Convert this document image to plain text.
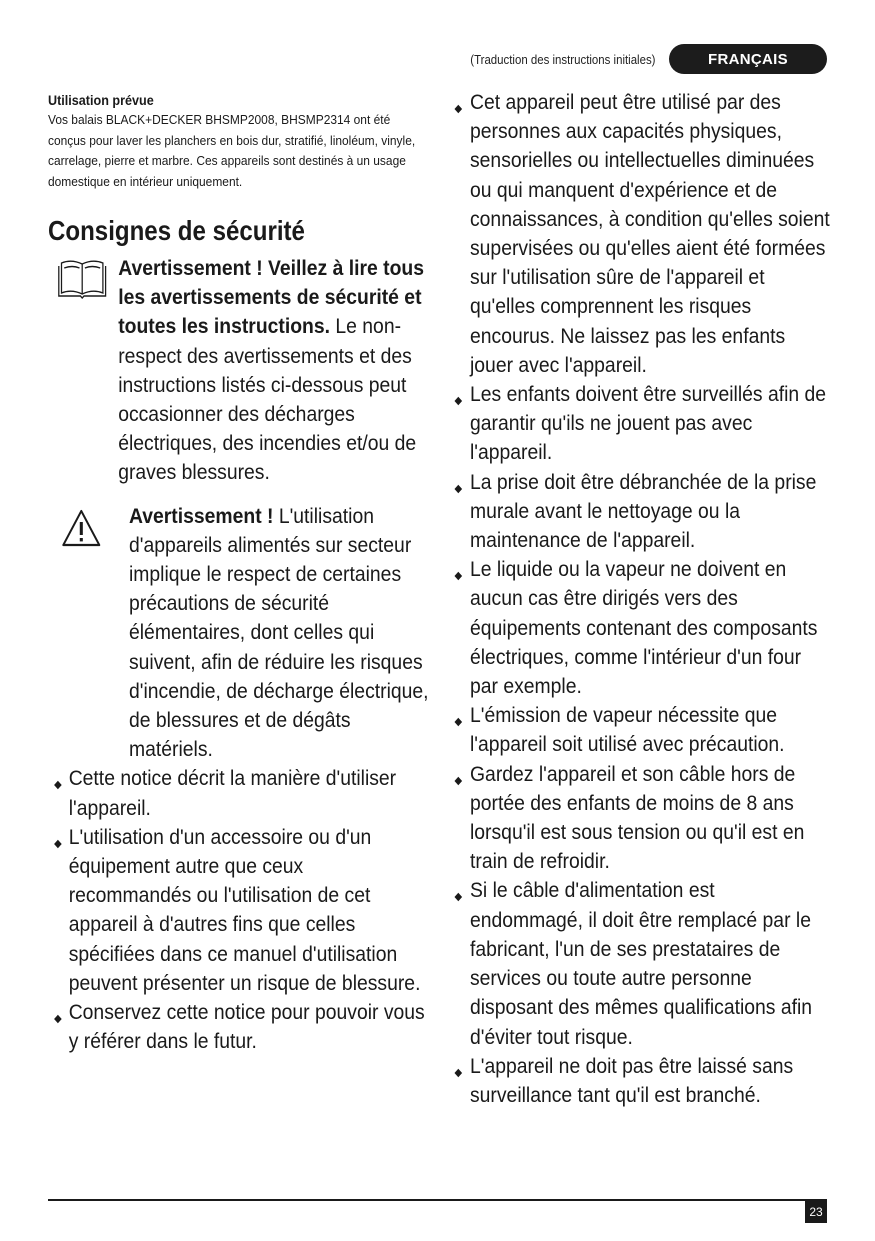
(Traduction des instructions initiales)	FRANÇAIS
Utilisation prévue

Vos balais BLACK+DECKER BHSMP2008, BHSMP2314 ont été conçus pour laver les planchers en bois dur, stratifié, linoléum, vinyle, carrelage, pierre et marbre. Ces appareils sont destinés à un usage domestique en intérieur uniquement.

Consignes de sécurité
Avertissement ! Veillez à lire tous les avertissements de sécurité et toutes les instructions. Le non-respect des avertissements et des instructions listés ci-dessous peut occasionner des décharges électriques, des incendies et/ou de graves blessures.
Avertissement ! L'utilisation d'appareils alimentés sur secteur implique le respect de certaines précautions de sécurité élémentaires, dont celles qui suivent, afin de réduire les risques d'incendie, de décharge électrique, de blessures et de dégâts matériels.
Cette notice décrit la manière d'utiliser l'appareil.
L'utilisation d'un accessoire ou d'un équipement autre que ceux recommandés ou l'utilisation de cet appareil à d'autres fins que celles spécifiées dans ce manuel d'utilisation peuvent présenter un risque de blessure.
Conservez cette notice pour pouvoir vous y référer dans le futur.
Cet appareil peut être utilisé par des personnes aux capacités physiques, sensorielles ou intellectuelles diminuées ou qui manquent d'expérience et de connaissances, à condition qu'elles soient supervisées ou qu'elles aient été formées sur l'utilisation sûre de l'appareil et qu'elles comprennent les risques encourus. Ne laissez pas les enfants jouer avec l'appareil.
Les enfants doivent être surveillés afin de garantir qu'ils ne jouent pas avec l'appareil.
La prise doit être débranchée de la prise murale avant le nettoyage ou la maintenance de l'appareil.
Le liquide ou la vapeur ne doivent en aucun cas être dirigés vers des équipements contenant des composants électriques, comme l'intérieur d'un four par exemple.
L'émission de vapeur nécessite que l'appareil soit utilisé avec précaution.
Gardez l'appareil et son câble hors de portée des enfants de moins de 8 ans lorsqu'il est sous tension ou qu'il est en train de refroidir.
Si le câble d'alimentation est endommagé, il doit être remplacé par le fabricant, l'un de ses prestataires de services ou toute autre personne disposant des mêmes qualifications afin d'éviter tout risque.
L'appareil ne doit pas être laissé sans surveillance tant qu'il est branché.
23
